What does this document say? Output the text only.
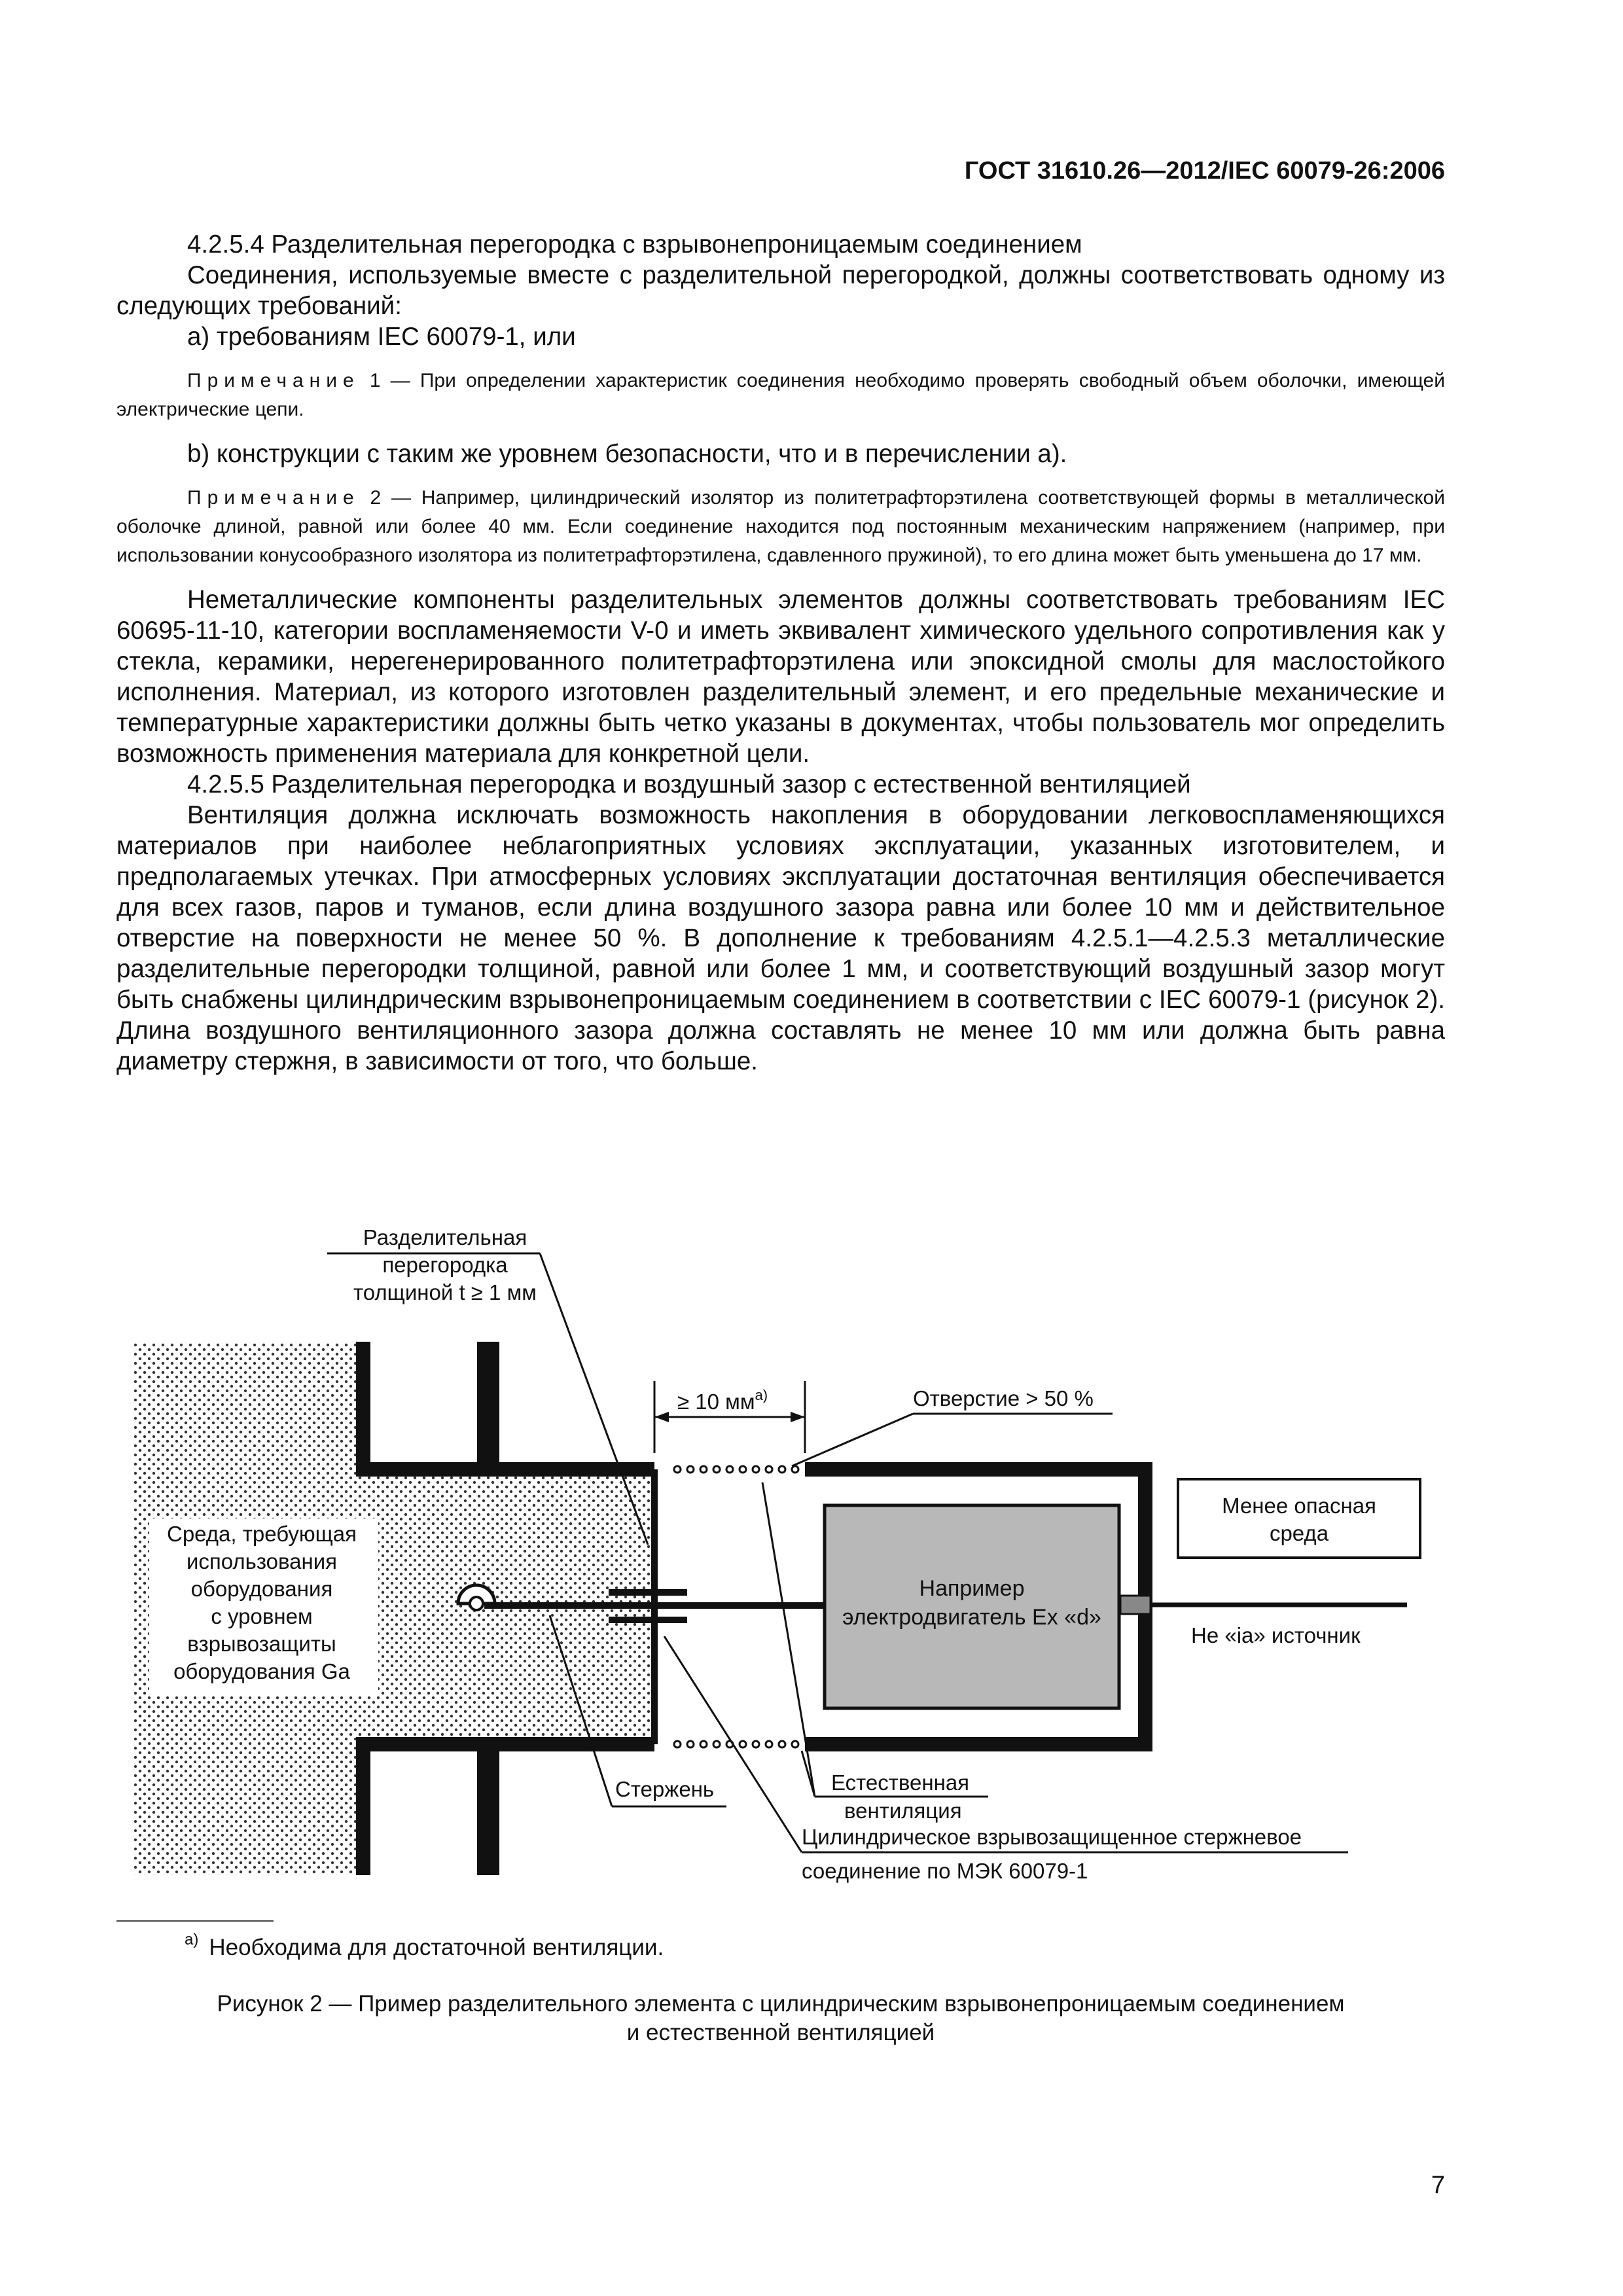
ГОСТ 31610.26—2012/IEC 60079-26:2006

4.2.5.4 Разделительная перегородка с взрывонепроницаемым соединением

Соединения, используемые вместе с разделительной перегородкой, должны соответствовать одному из следующих требований:

а) требованиям IEC 60079-1, или

Примечание 1 — При определении характеристик соединения необходимо проверять свободный объем оболочки, имеющей электрические цепи.

b) конструкции с таким же уровнем безопасности, что и в перечислении а).

Примечание 2 — Например, цилиндрический изолятор из политетрафторэтилена соответствующей формы в металлической оболочке длиной, равной или более 40 мм. Если соединение находится под постоянным механическим напряжением (например, при использовании конусообразного изолятора из политетрафторэтилена, сдавленного пружиной), то его длина может быть уменьшена до 17 мм.

Неметаллические компоненты разделительных элементов должны соответствовать требованиям IEC 60695-11-10, категории воспламеняемости V-0 и иметь эквивалент химического удельного сопротивления как у стекла, керамики, нерегенерированного политетрафторэтилена или эпоксидной смолы для маслостойкого исполнения. Материал, из которого изготовлен разделительный элемент, и его предельные механические и температурные характеристики должны быть четко указаны в документах, чтобы пользователь мог определить возможность применения материала для конкретной цели.

4.2.5.5 Разделительная перегородка и воздушный зазор с естественной вентиляцией

Вентиляция должна исключать возможность накопления в оборудовании легковоспламеняющихся материалов при наиболее неблагоприятных условиях эксплуатации, указанных изготовителем, и предполагаемых утечках. При атмосферных условиях эксплуатации достаточная вентиляция обеспечивается для всех газов, паров и туманов, если длина воздушного зазора равна или более 10 мм и действительное отверстие на поверхности не менее 50 %. В дополнение к требованиям 4.2.5.1—4.2.5.3 металлические разделительные перегородки толщиной, равной или более 1 мм, и соответствующий воздушный зазор могут быть снабжены цилиндрическим взрывонепроницаемым соединением в соответствии с IEC 60079-1 (рисунок 2). Длина воздушного вентиляционного зазора должна составлять не менее 10 мм или должна быть равна диаметру стержня, в зависимости от того, что больше.

Например
электродвигатель Ex «d»
Менее опасная
среда
Не «ia» источник
Среда, требующая
использования
оборудования
с уровнем
взрывозащиты
оборудования Ga
Разделительная
перегородка
толщиной t ≥ 1 мм
≥ 10 $мм^{a)}$	Отверстие > 50 %
Стержень	Естественная
вентиляция
Цилиндрическое взрывозащищенное стержневое
соединение по МЭК 60079-1
$^{a)}$ Необходима для достаточной вентиляции.
Рисунок 2 — Пример разделительного элемента с цилиндрическим взрывонепроницаемым соединением
и естественной вентиляцией
7
